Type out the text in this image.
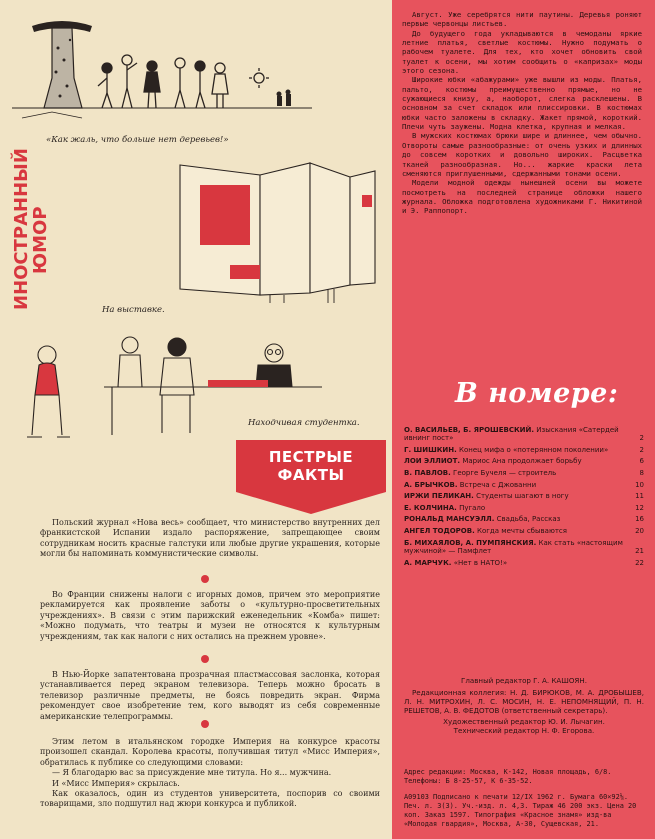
«Как жаль, что больше нет деревьев!»
ИНОСТРАННЫЙ
ЮМОР
На выставке.
Находчивая студентка.
ПЕСТРЫЕ
ФАКТЫ

Польский журнал «Нова весь» сообщает, что министерство внутренних дел франкистской Испании издало распоряжение, запрещающее своим сотрудникам носить красные галстуки или любые другие украшения, которые могли бы напоминать коммунистические символы.

Во Франции снижены налоги с игорных домов, причем это мероприятие рекламируется как проявление заботы о «культурно-просветительных учреждениях». В связи с этим парижский еженедельник «Комба» пишет: «Можно подумать, что театры и музеи не относятся к культурным учреждениям, так как налоги с них остались на прежнем уровне».

В Нью-Йорке запатентована прозрачная пластмассовая заслонка, которая устанавливается перед экраном телевизора. Теперь можно бросать в телевизор различные предметы, не боясь повредить экран. Фирма рекомендует свое изобретение тем, кого выводят из себя современные американские телепрограммы.

Этим летом в итальянском городке Империя на конкурсе красоты произошел скандал. Королева красоты, получившая титул «Мисс Империя», обратилась к публике со следующими словами:

— Я благодарю вас за присуждение мне титула. Но я... мужчина.

И «Мисс Империя» скрылась.

Как оказалось, один из студентов университета, поспорив со своими товарищами, зло подшутил над жюри конкурса и публикой.

Август. Уже серебрятся нити паутины. Деревья роняют первые червонцы листьев.

До будущего года укладываются в чемоданы яркие летние платья, светлые костюмы. Нужно подумать о рабочем туалете. Для тех, кто хочет обновить свой туалет к осени, мы хотим сообщить о «капризах» моды этого сезона.

Широкие юбки «абажурами» уже вышли из моды. Платья, пальто, костюмы преимущественно прямые, но не сужающиеся книзу, а, наоборот, слегка расклешены. В основном за счет складок или плиссировки. В костюмах юбки часто заложены в складку. Жакет прямой, короткий. Плечи чуть заужены. Модна клетка, крупная и мелкая.

В мужских костюмах брюки шире и длиннее, чем обычно. Отвороты самые разнообразные: от очень узких и длинных до совсем коротких и довольно широких. Расцветка тканей разнообразная. Но... жаркие краски лета сменяются приглушенными, сдержанными тонами осени.

Модели модной одежды нынешней осени вы можете посмотреть на последней странице обложки нашего журнала. Обложка подготовлена художниками Г. Никитиной и Э. Раппопорт.

В номере:
О. ВАСИЛЬЕВ, Б. ЯРОШЕВСКИЙ. Изыскания «Сатердей ивнинг пост»	2
Г. ШИШКИН. Конец мифа о «потерянном поколении»	2
ЛОИ ЭЛЛИОТ. Мариос Ана продолжает борьбу	6
В. ПАВЛОВ. Георге Бучеля — строитель	8
А. БРЫЧКОВ. Встреча с Джованни	10
ИРЖИ ПЕЛИКАН. Студенты шагают в ногу	11
Е. КОЛЧИНА. Пугало	12
РОНАЛЬД МАНСУЭЛЛ. Свадьба, Рассказ	16
АНГЕЛ ТОДОРОВ. Когда мечты сбываются	20
Б. МИХАЯЛОВ, А. ПУМПЯНСКИЯ. Как стать «настоящим мужчиной» — Памфлет	21
А. МАРЧУК. «Нет в НАТО!»	22
Главный редактор Г. А. КАШОЯН.
Редакционная коллегия: Н. Д. БИРЮКОВ, М. А. ДРОБЫШЕВ, Л. Н. МИТРОХИН, Л. С. МОСИН, Н. Е. НЕПОМНЯЩИЙ, П. Н. РЕШЕТОВ, А. В. ФЕДОТОВ (ответственный секретарь).
Художественный редактор Ю. И. Лычагин.
Технический редактор Н. Ф. Егорова.
Адрес редакции: Москва, К-142, Новая площадь, 6/8.
Телефоны: Б 8-25-57, К 6-35-52.
А09103 Подписано к печати 12/IX 1962 г. Бумага 60×92⅛. Печ. л. 3(3). Уч.-изд. л. 4,3. Тираж 46 200 экз. Цена 20 коп. Заказ 1597. Типография «Красное знамя» изд-ва «Молодая гвардия», Москва, А-30, Сущевская, 21.
